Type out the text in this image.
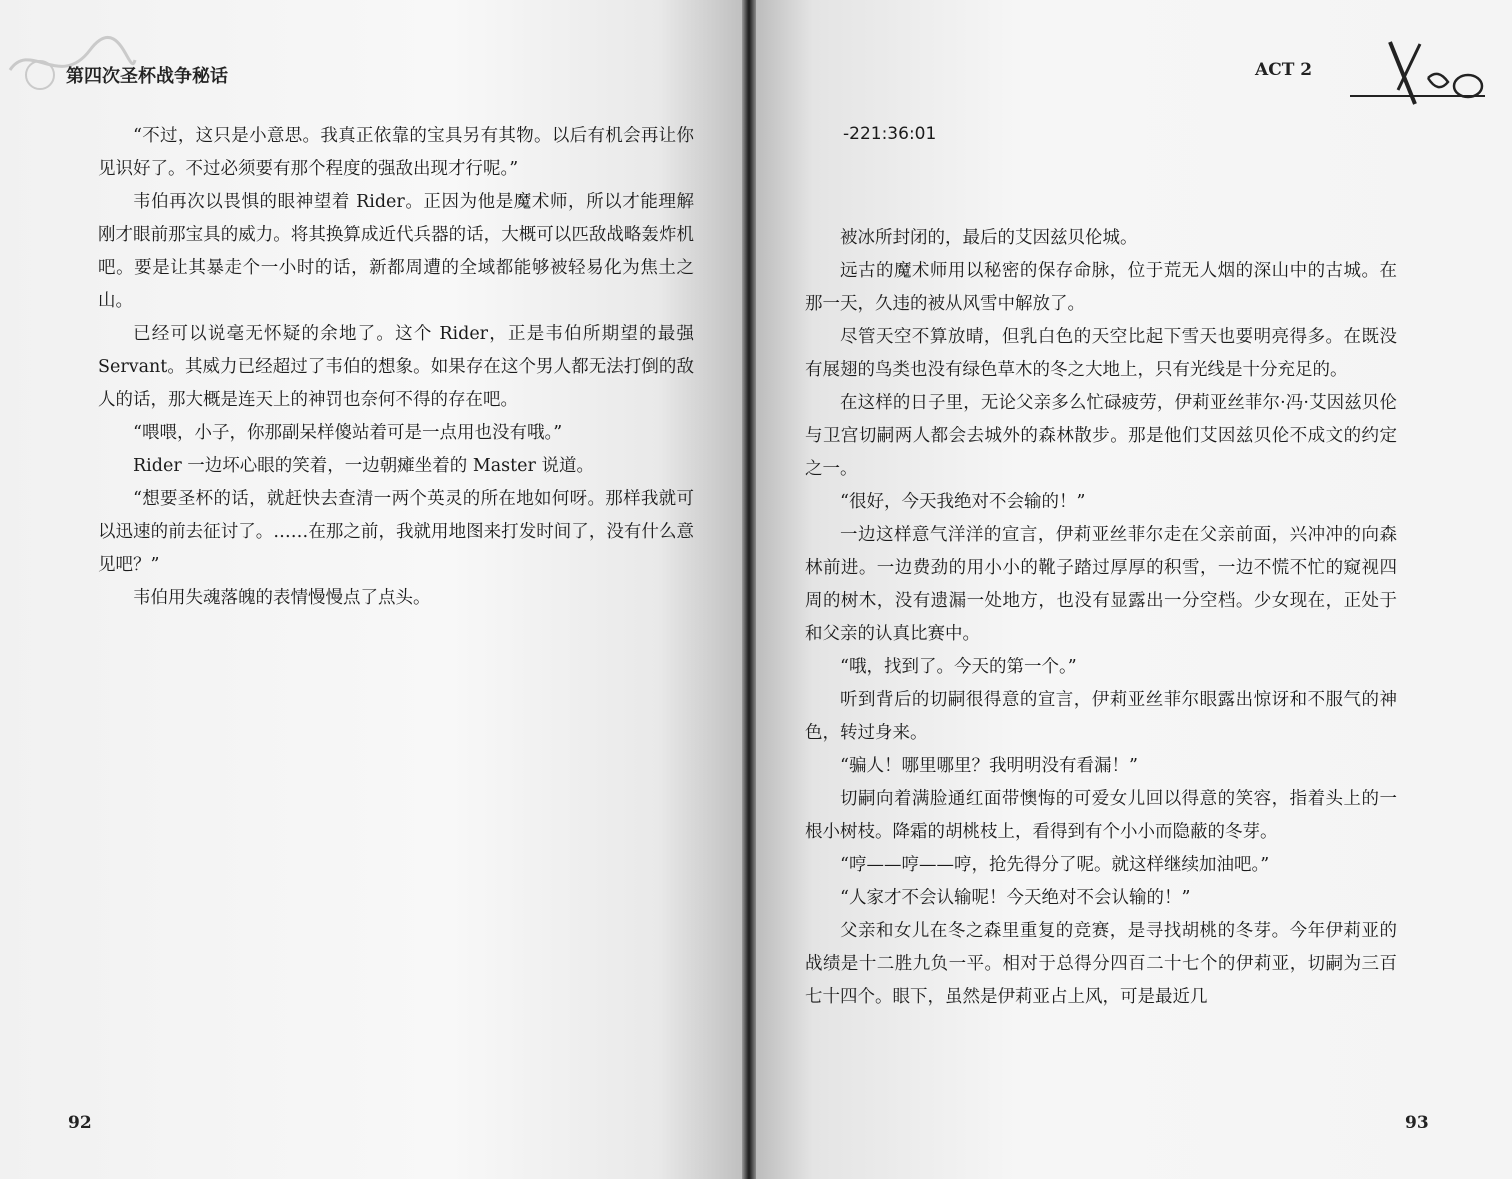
第四次圣杯战争秘话

“不过，这只是小意思。我真正依靠的宝具另有其物。以后有机会再让你见识好了。不过必须要有那个程度的强敌出现才行呢。”

韦伯再次以畏惧的眼神望着 Rider。正因为他是魔术师，所以才能理解刚才眼前那宝具的威力。将其换算成近代兵器的话，大概可以匹敌战略轰炸机吧。要是让其暴走个一小时的话，新都周遭的全域都能够被轻易化为焦土之山。

已经可以说毫无怀疑的余地了。这个 Rider，正是韦伯所期望的最强 Servant。其威力已经超过了韦伯的想象。如果存在这个男人都无法打倒的敌人的话，那大概是连天上的神罚也奈何不得的存在吧。

“喂喂，小子，你那副呆样傻站着可是一点用也没有哦。”

Rider 一边坏心眼的笑着，一边朝瘫坐着的 Master 说道。

“想要圣杯的话，就赶快去查清一两个英灵的所在地如何呀。那样我就可以迅速的前去征讨了。……在那之前，我就用地图来打发时间了，没有什么意见吧？”

韦伯用失魂落魄的表情慢慢点了点头。

92
ACT 2
-221:36:01

被冰所封闭的，最后的艾因兹贝伦城。

远古的魔术师用以秘密的保存命脉，位于荒无人烟的深山中的古城。在那一天，久违的被从风雪中解放了。

尽管天空不算放晴，但乳白色的天空比起下雪天也要明亮得多。在既没有展翅的鸟类也没有绿色草木的冬之大地上，只有光线是十分充足的。

在这样的日子里，无论父亲多么忙碌疲劳，伊莉亚丝菲尔·冯·艾因兹贝伦与卫宫切嗣两人都会去城外的森林散步。那是他们艾因兹贝伦不成文的约定之一。

“很好，今天我绝对不会输的！”

一边这样意气洋洋的宣言，伊莉亚丝菲尔走在父亲前面，兴冲冲的向森林前进。一边费劲的用小小的靴子踏过厚厚的积雪，一边不慌不忙的窥视四周的树木，没有遗漏一处地方，也没有显露出一分空档。少女现在，正处于和父亲的认真比赛中。

“哦，找到了。今天的第一个。”

听到背后的切嗣很得意的宣言，伊莉亚丝菲尔眼露出惊讶和不服气的神色，转过身来。

“骗人！哪里哪里？我明明没有看漏！”

切嗣向着满脸通红面带懊悔的可爱女儿回以得意的笑容，指着头上的一根小树枝。降霜的胡桃枝上，看得到有个小小而隐蔽的冬芽。

“哼——哼——哼，抢先得分了呢。就这样继续加油吧。”

“人家才不会认输呢！今天绝对不会认输的！”

父亲和女儿在冬之森里重复的竞赛，是寻找胡桃的冬芽。今年伊莉亚的战绩是十二胜九负一平。相对于总得分四百二十七个的伊莉亚，切嗣为三百七十四个。眼下，虽然是伊莉亚占上风，可是最近几

93
